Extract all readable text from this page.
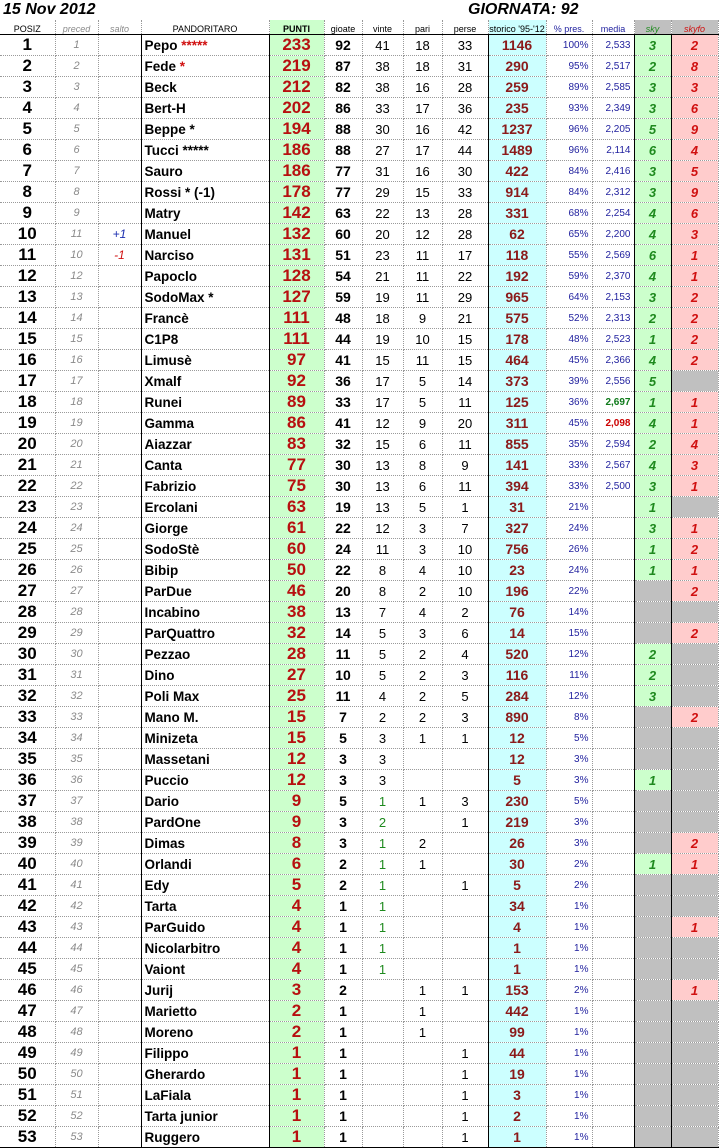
15 Nov 2012	GIORNATA: 92
POSIZ	preced	salto	PANDORITARO	PUNTI	gioate	vinte	pari	perse	storico '95-'12	% pres.	media	sky	skyfo
1	1		Pepo *****	233	92	41	18	33	1146	100%	2,533	3	2
2	2		Fede *	219	87	38	18	31	290	95%	2,517	2	8
3	3		Beck	212	82	38	16	28	259	89%	2,585	3	3
4	4		Bert-H	202	86	33	17	36	235	93%	2,349	3	6
5	5		Beppe *	194	88	30	16	42	1237	96%	2,205	5	9
6	6		Tucci *****	186	88	27	17	44	1489	96%	2,114	6	4
7	7		Sauro	186	77	31	16	30	422	84%	2,416	3	5
8	8		Rossi * (-1)	178	77	29	15	33	914	84%	2,312	3	9
9	9		Matry	142	63	22	13	28	331	68%	2,254	4	6
10	11	+1	Manuel	132	60	20	12	28	62	65%	2,200	4	3
11	10	-1	Narciso	131	51	23	11	17	118	55%	2,569	6	1
12	12		Papoclo	128	54	21	11	22	192	59%	2,370	4	1
13	13		SodoMax *	127	59	19	11	29	965	64%	2,153	3	2
14	14		Francè	111	48	18	9	21	575	52%	2,313	2	2
15	15		C1P8	111	44	19	10	15	178	48%	2,523	1	2
16	16		Limusè	97	41	15	11	15	464	45%	2,366	4	2
17	17		Xmalf	92	36	17	5	14	373	39%	2,556	5	
18	18		Runei	89	33	17	5	11	125	36%	2,697	1	1
19	19		Gamma	86	41	12	9	20	311	45%	2,098	4	1
20	20		Aiazzar	83	32	15	6	11	855	35%	2,594	2	4
21	21		Canta	77	30	13	8	9	141	33%	2,567	4	3
22	22		Fabrizio	75	30	13	6	11	394	33%	2,500	3	1
23	23		Ercolani	63	19	13	5	1	31	21%		1	
24	24		Giorge	61	22	12	3	7	327	24%		3	1
25	25		SodoStè	60	24	11	3	10	756	26%		1	2
26	26		Bibip	50	22	8	4	10	23	24%		1	1
27	27		ParDue	46	20	8	2	10	196	22%			2
28	28		Incabino	38	13	7	4	2	76	14%			
29	29		ParQuattro	32	14	5	3	6	14	15%			2
30	30		Pezzao	28	11	5	2	4	520	12%		2	
31	31		Dino	27	10	5	2	3	116	11%		2	
32	32		Poli Max	25	11	4	2	5	284	12%		3	
33	33		Mano M.	15	7	2	2	3	890	8%			2
34	34		Minizeta	15	5	3	1	1	12	5%			
35	35		Massetani	12	3	3			12	3%			
36	36		Puccio	12	3	3			5	3%		1	
37	37		Dario	9	5	1	1	3	230	5%			
38	38		PardOne	9	3	2		1	219	3%			
39	39		Dimas	8	3	1	2		26	3%			2
40	40		Orlandi	6	2	1	1		30	2%		1	1
41	41		Edy	5	2	1		1	5	2%			
42	42		Tarta	4	1	1			34	1%			
43	43		ParGuido	4	1	1			4	1%			1
44	44		Nicolarbitro	4	1	1			1	1%			
45	45		Vaiont	4	1	1			1	1%			
46	46		Jurij	3	2		1	1	153	2%			1
47	47		Marietto	2	1		1		442	1%			
48	48		Moreno	2	1		1		99	1%			
49	49		Filippo	1	1			1	44	1%			
50	50		Gherardo	1	1			1	19	1%			
51	51		LaFiala	1	1			1	3	1%			
52	52		Tarta junior	1	1			1	2	1%			
53	53		Ruggero	1	1			1	1	1%			
